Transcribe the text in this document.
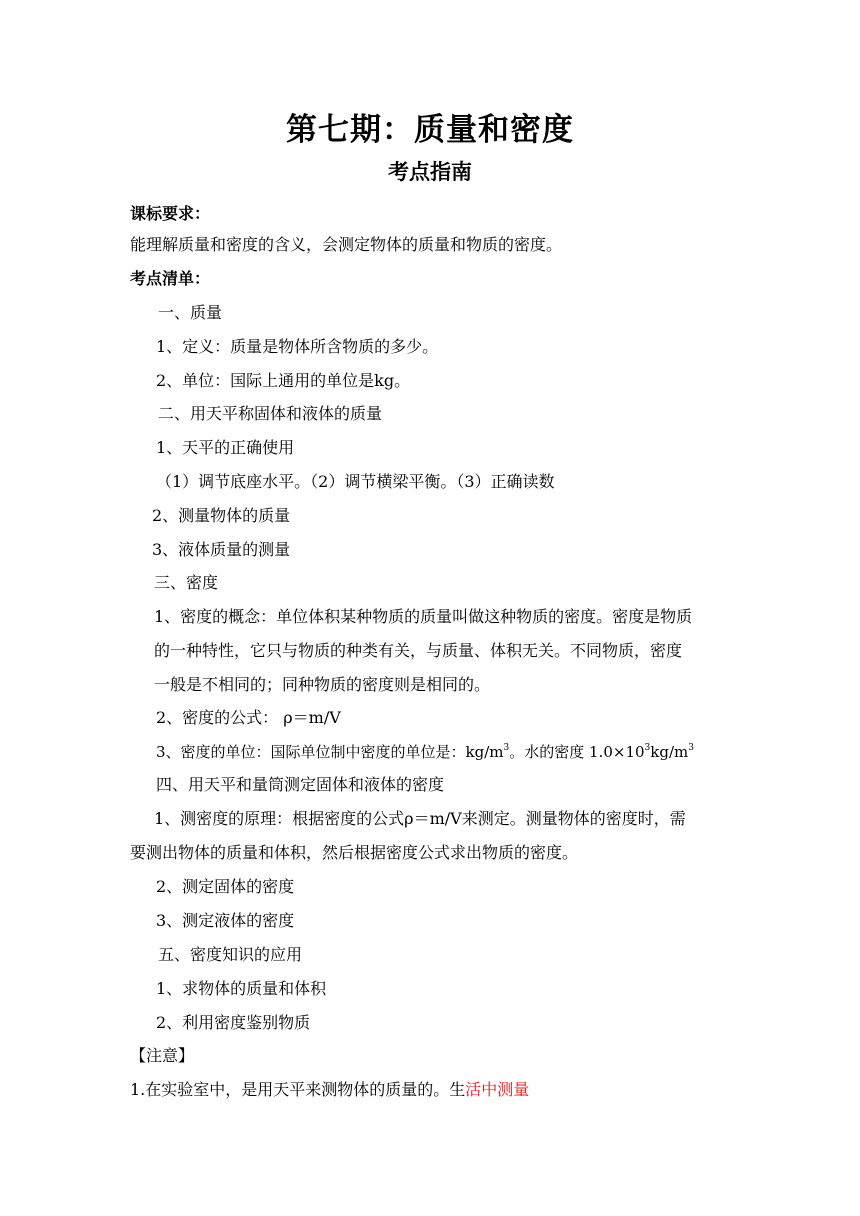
第七期：质量和密度
考点指南
课标要求：
能理解质量和密度的含义，会测定物体的质量和物质的密度。
考点清单：
一、质量
1、定义：质量是物体所含物质的多少。
2、单位：国际上通用的单位是kg。
二、用天平称固体和液体的质量
1、天平的正确使用
（1）调节底座水平。（2）调节横梁平衡。（3）正确读数
2、测量物体的质量
3、液体质量的测量
三、密度
1、密度的概念：单位体积某种物质的质量叫做这种物质的密度。密度是物质
的一种特性，它只与物质的种类有关，与质量、体积无关。不同物质，密度
一般是不相同的；同种物质的密度则是相同的。
2、密度的公式： ρ＝m/V
3、密度的单位：国际单位制中密度的单位是：$kg/m^3$。水的密度 $1.0\times 10^3kg/m^3$
四、用天平和量筒测定固体和液体的密度
1、测密度的原理：根据密度的公式ρ＝m/V来测定。测量物体的密度时，需
要测出物体的质量和体积，然后根据密度公式求出物质的密度。
2、测定固体的密度
3、测定液体的密度
五、密度知识的应用
1、求物体的质量和体积
2、利用密度鉴别物质
【注意】
1.在实验室中，是用天平来测物体的质量的。生活中测量
